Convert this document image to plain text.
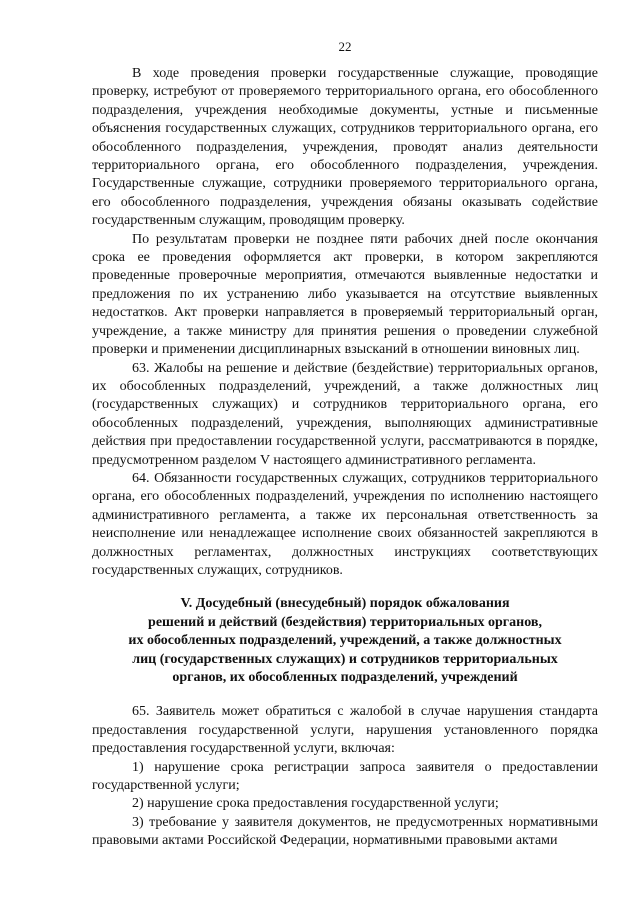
22

В ходе проведения проверки государственные служащие, проводящие проверку, истребуют от проверяемого территориального органа, его обособленного подразделения, учреждения необходимые документы, устные и письменные объяснения государственных служащих, сотрудников территориального органа, его обособленного подразделения, учреждения, проводят анализ деятельности территориального органа, его обособленного подразделения, учреждения. Государственные служащие, сотрудники проверяемого территориального органа, его обособленного подразделения, учреждения обязаны оказывать содействие государственным служащим, проводящим проверку.

По результатам проверки не позднее пяти рабочих дней после окончания срока ее проведения оформляется акт проверки, в котором закрепляются проведенные проверочные мероприятия, отмечаются выявленные недостатки и предложения по их устранению либо указывается на отсутствие выявленных недостатков. Акт проверки направляется в проверяемый территориальный орган, учреждение, а также министру для принятия решения о проведении служебной проверки и применении дисциплинарных взысканий в отношении виновных лиц.

63. Жалобы на решение и действие (бездействие) территориальных органов, их обособленных подразделений, учреждений, а также должностных лиц (государственных служащих) и сотрудников территориального органа, его обособленных подразделений, учреждения, выполняющих административные действия при предоставлении государственной услуги, рассматриваются в порядке, предусмотренном разделом V настоящего административного регламента.

64. Обязанности государственных служащих, сотрудников территориального органа, его обособленных подразделений, учреждения по исполнению настоящего административного регламента, а также их персональная ответственность за неисполнение или ненадлежащее исполнение своих обязанностей закрепляются в должностных регламентах, должностных инструкциях соответствующих государственных служащих, сотрудников.

V. Досудебный (внесудебный) порядок обжалования
решений и действий (бездействия) территориальных органов,
их обособленных подразделений, учреждений, а также должностных
лиц (государственных служащих) и сотрудников территориальных
органов, их обособленных подразделений, учреждений

65. Заявитель может обратиться с жалобой в случае нарушения стандарта предоставления государственной услуги, нарушения установленного порядка предоставления государственной услуги, включая:

1) нарушение срока регистрации запроса заявителя о предоставлении государственной услуги;

2) нарушение срока предоставления государственной услуги;

3) требование у заявителя документов, не предусмотренных нормативными правовыми актами Российской Федерации, нормативными правовыми актами
